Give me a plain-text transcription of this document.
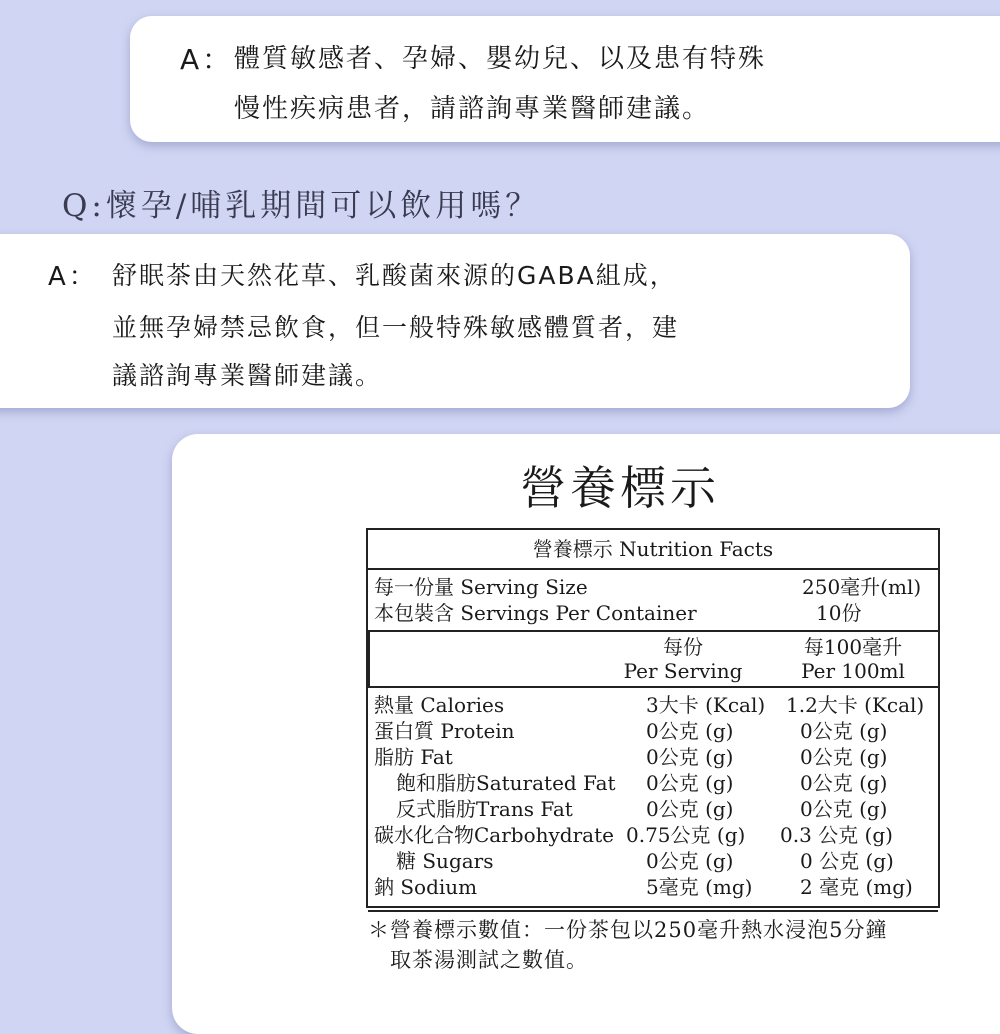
A： 體質敏感者、孕婦、嬰幼兒、以及患有特殊
慢性疾病患者，請諮詢專業醫師建議。
Q:懷孕/哺乳期間可以飲用嗎？
A： 舒眠茶由天然花草、乳酸菌來源的GABA組成，
並無孕婦禁忌飲食，但一般特殊敏感體質者，建
議諮詢專業醫師建議。
營養標示
營養標示 Nutrition Facts
每一份量 Serving Size	250毫升(ml)
本包裝含 Servings Per Container	10份
每份
Per Serving
每100毫升
Per 100ml
熱量 Calories	3大卡 (Kcal) 1.2大卡 (Kcal)
蛋白質 Protein	0公克 (g)	0公克 (g)
脂肪 Fat	0公克 (g)	0公克 (g)
飽和脂肪Saturated Fat 0公克 (g)	0公克 (g)
反式脂肪Trans Fat	0公克 (g)	0公克 (g)
碳水化合物Carbohydrate 0.75公克 (g) 0.3 公克 (g)
糖 Sugars	0公克 (g)	0 公克 (g)
鈉 Sodium	5毫克 (mg) 2 毫克 (mg)
＊營養標示數值：一份茶包以250毫升熱水浸泡5分鐘
取茶湯測試之數值。
